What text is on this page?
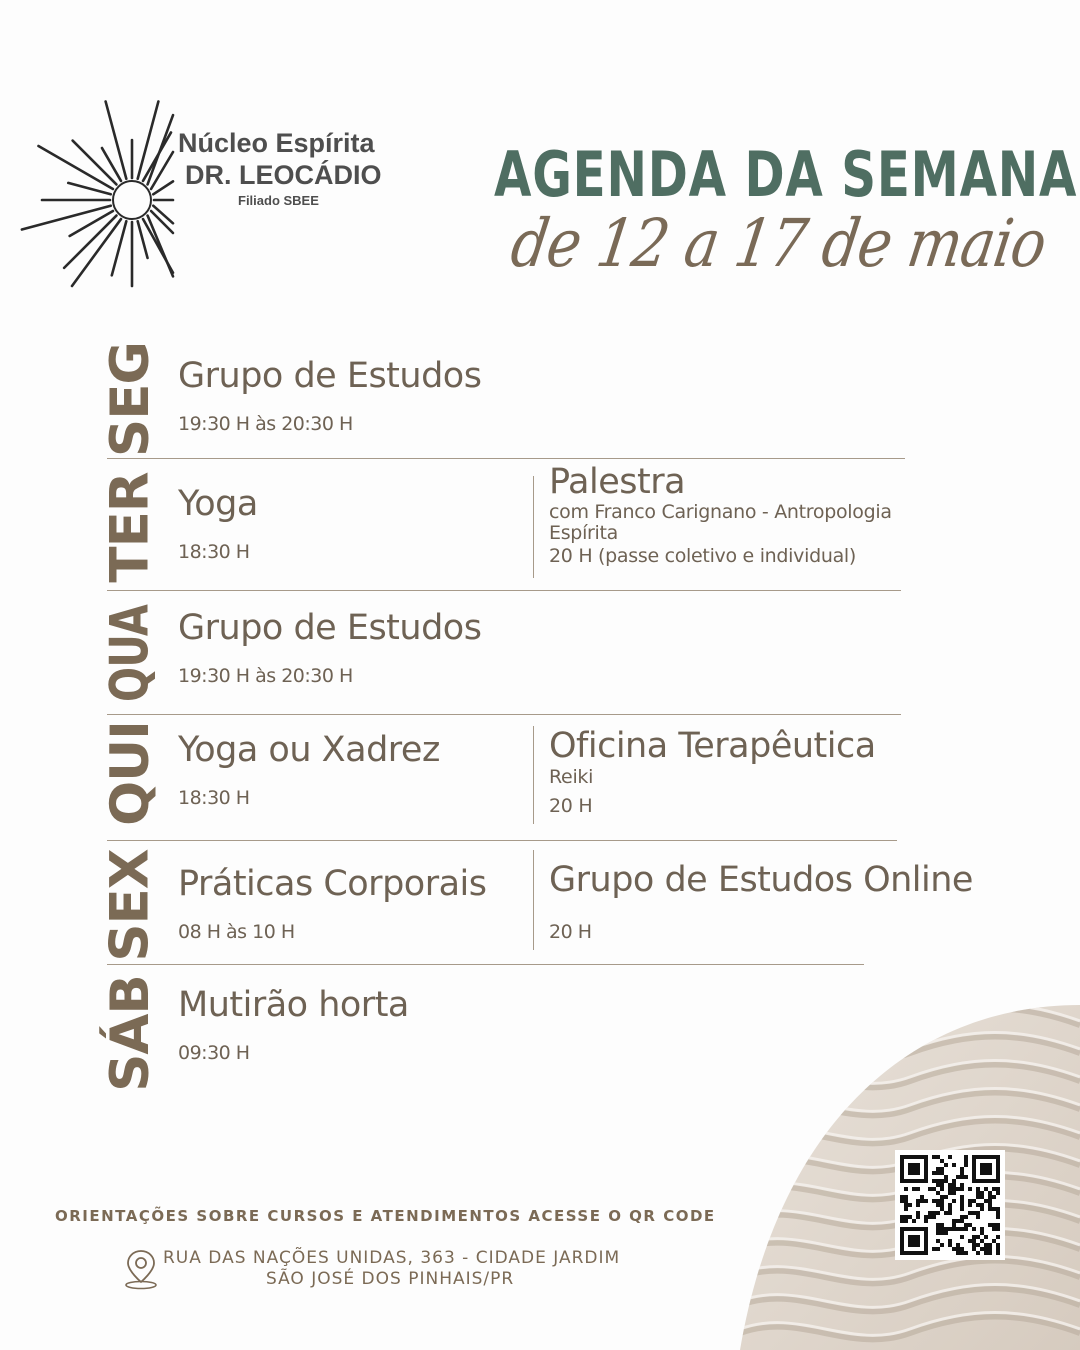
Núcleo Espírita
DR. LEOCÁDIO
Filiado SBEE	AGENDA DA SEMANA
de 12 a 17 de maio
SEG Grupo de Estudos
19:30 H às 20:30 H
TER Yoga
18:30 H
Palestra
com Franco Carignano - Antropologia
Espírita
20 H (passe coletivo e individual)
QUA Grupo de Estudos
19:30 H às 20:30 H
QUI Yoga ou Xadrez
18:30 H
Oficina Terapêutica
Reiki
20 H
SEX Práticas Corporais
08 H às 10 H
Grupo de Estudos Online
20 H
SÁB Mutirão horta
09:30 H
ORIENTAÇÕES SOBRE CURSOS E ATENDIMENTOS ACESSE O QR CODE
RUA DAS NAÇÕES UNIDAS, 363 - CIDADE JARDIM
SÃO JOSÉ DOS PINHAIS/PR
